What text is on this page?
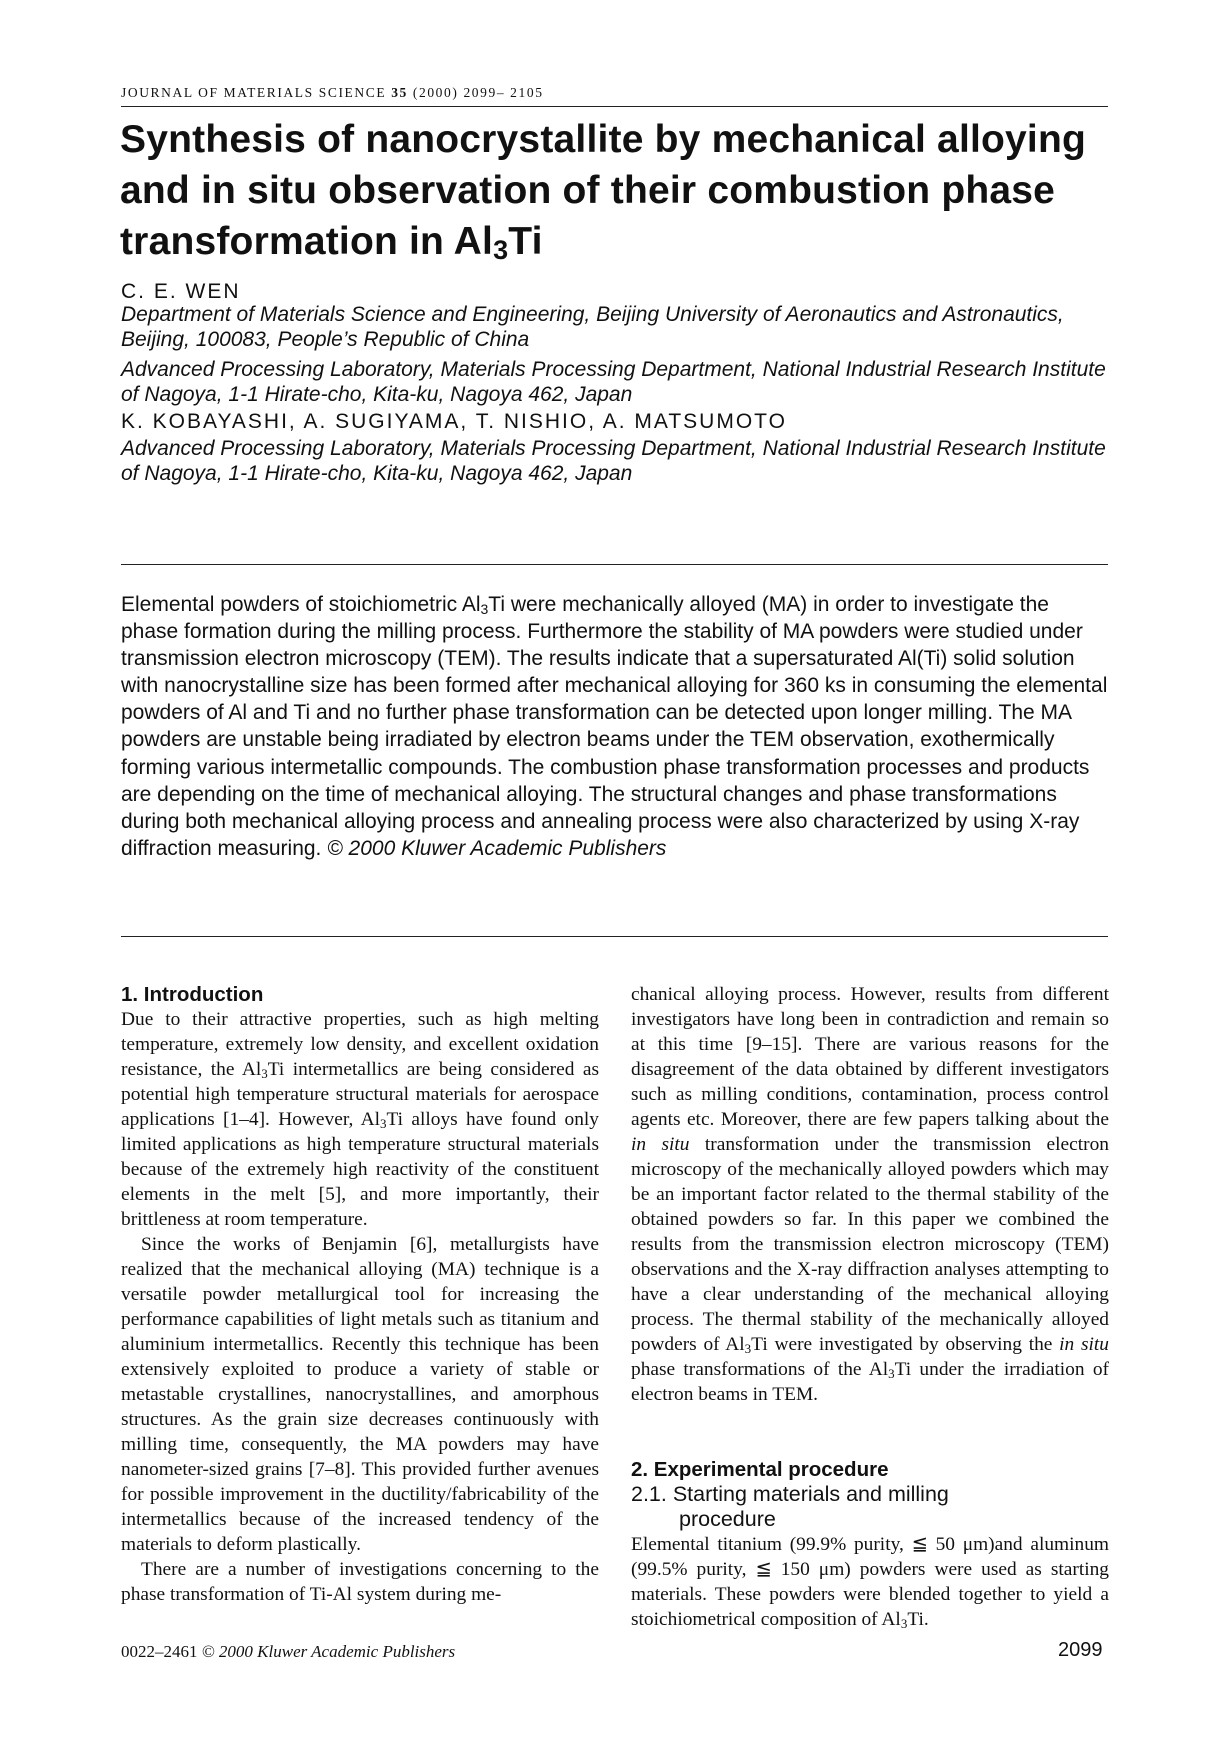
JOURNAL OF MATERIALS SCIENCE 35 (2000) 2099– 2105
Synthesis of nanocrystallite by mechanical alloying and in situ observation of their combustion phase transformation in $Al_3Ti$

C. E. WEN

Department of Materials Science and Engineering, Beijing University of Aeronautics and Astronautics, Beijing, 100083, People’s Republic of China

Advanced Processing Laboratory, Materials Processing Department, National Industrial Research Institute of Nagoya, 1-1 Hirate-cho, Kita-ku, Nagoya 462, Japan

K. KOBAYASHI, A. SUGIYAMA, T. NISHIO, A. MATSUMOTO

Advanced Processing Laboratory, Materials Processing Department, National Industrial Research Institute of Nagoya, 1-1 Hirate-cho, Kita-ku, Nagoya 462, Japan

Elemental powders of stoichiometric $Al_3Ti$ were mechanically alloyed (MA) in order to investigate the phase formation during the milling process. Furthermore the stability of MA powders were studied under transmission electron microscopy (TEM). The results indicate that a supersaturated Al(Ti) solid solution with nanocrystalline size has been formed after mechanical alloying for 360 ks in consuming the elemental powders of Al and Ti and no further phase transformation can be detected upon longer milling. The MA powders are unstable being irradiated by electron beams under the TEM observation, exothermically forming various intermetallic compounds. The combustion phase transformation processes and products are depending on the time of mechanical alloying. The structural changes and phase transformations during both mechanical alloying process and annealing process were also characterized by using X-ray diffraction measuring. © 2000 Kluwer Academic Publishers

1. Introduction

Due to their attractive properties, such as high melting temperature, extremely low density, and excellent oxidation resistance, the $Al_3Ti$ intermetallics are being considered as potential high temperature structural materials for aerospace applications [1–4]. However, $Al_3Ti$ alloys have found only limited applications as high temperature structural materials because of the extremely high reactivity of the constituent elements in the melt [5], and more importantly, their brittleness at room temperature.

Since the works of Benjamin [6], metallurgists have realized that the mechanical alloying (MA) technique is a versatile powder metallurgical tool for increasing the performance capabilities of light metals such as titanium and aluminium intermetallics. Recently this technique has been extensively exploited to produce a variety of stable or metastable crystallines, nanocrystallines, and amorphous structures. As the grain size decreases continuously with milling time, consequently, the MA powders may have nanometer-sized grains [7–8]. This provided further avenues for possible improvement in the ductility/fabricability of the intermetallics because of the increased tendency of the materials to deform plastically.

There are a number of investigations concerning to the phase transformation of Ti-Al system during me-

chanical alloying process. However, results from different investigators have long been in contradiction and remain so at this time [9–15]. There are various reasons for the disagreement of the data obtained by different investigators such as milling conditions, contamination, process control agents etc. Moreover, there are few papers talking about the in situ transformation under the transmission electron microscopy of the mechanically alloyed powders which may be an important factor related to the thermal stability of the obtained powders so far. In this paper we combined the results from the transmission electron microscopy (TEM) observations and the X-ray diffraction analyses attempting to have a clear understanding of the mechanical alloying process. The thermal stability of the mechanically alloyed powders of $Al_3Ti$ were investigated by observing the in situ phase transformations of the $Al_3Ti$ under the irradiation of electron beams in TEM.

2. Experimental procedure

2.1. Starting materials and milling
procedure

Elemental titanium (99.9% purity, ≦ 50 μm)and aluminum (99.5% purity, ≦ 150 μm) powders were used as starting materials. These powders were blended together to yield a stoichiometrical composition of $Al_3Ti$.

0022–2461 © 2000 Kluwer Academic Publishers	2099
